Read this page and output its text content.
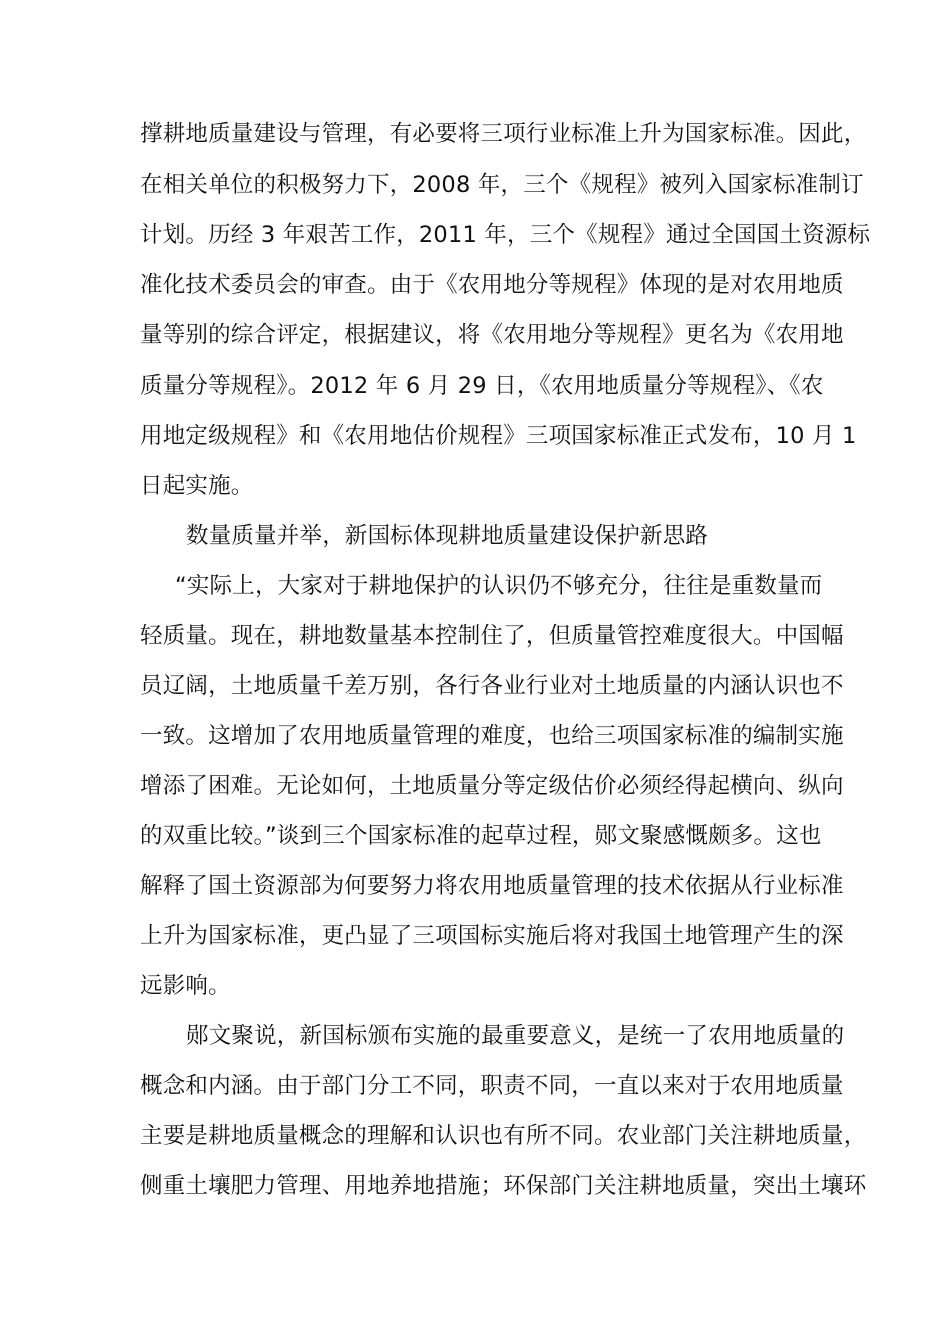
撑耕地质量建设与管理，有必要将三项行业标准上升为国家标准。因此，
在相关单位的积极努力下，2008 年，三个《规程》被列入国家标准制订
计划。历经 3 年艰苦工作，2011 年，三个《规程》通过全国国土资源标
准化技术委员会的审查。由于《农用地分等规程》体现的是对农用地质
量等别的综合评定，根据建议，将《农用地分等规程》更名为《农用地
质量分等规程》。2012 年 6 月 29 日，《农用地质量分等规程》、《农
用地定级规程》和《农用地估价规程》三项国家标准正式发布，10 月 1
日起实施。
数量质量并举，新国标体现耕地质量建设保护新思路
“实际上，大家对于耕地保护的认识仍不够充分，往往是重数量而
轻质量。现在，耕地数量基本控制住了，但质量管控难度很大。中国幅
员辽阔，土地质量千差万别，各行各业行业对土地质量的内涵认识也不
一致。这增加了农用地质量管理的难度，也给三项国家标准的编制实施
增添了困难。无论如何，土地质量分等定级估价必须经得起横向、纵向
的双重比较。”谈到三个国家标准的起草过程，郧文聚感慨颇多。这也
解释了国土资源部为何要努力将农用地质量管理的技术依据从行业标准
上升为国家标准，更凸显了三项国标实施后将对我国土地管理产生的深
远影响。
郧文聚说，新国标颁布实施的最重要意义，是统一了农用地质量的
概念和内涵。由于部门分工不同，职责不同，一直以来对于农用地质量
主要是耕地质量概念的理解和认识也有所不同。农业部门关注耕地质量，
侧重土壤肥力管理、用地养地措施；环保部门关注耕地质量，突出土壤环
